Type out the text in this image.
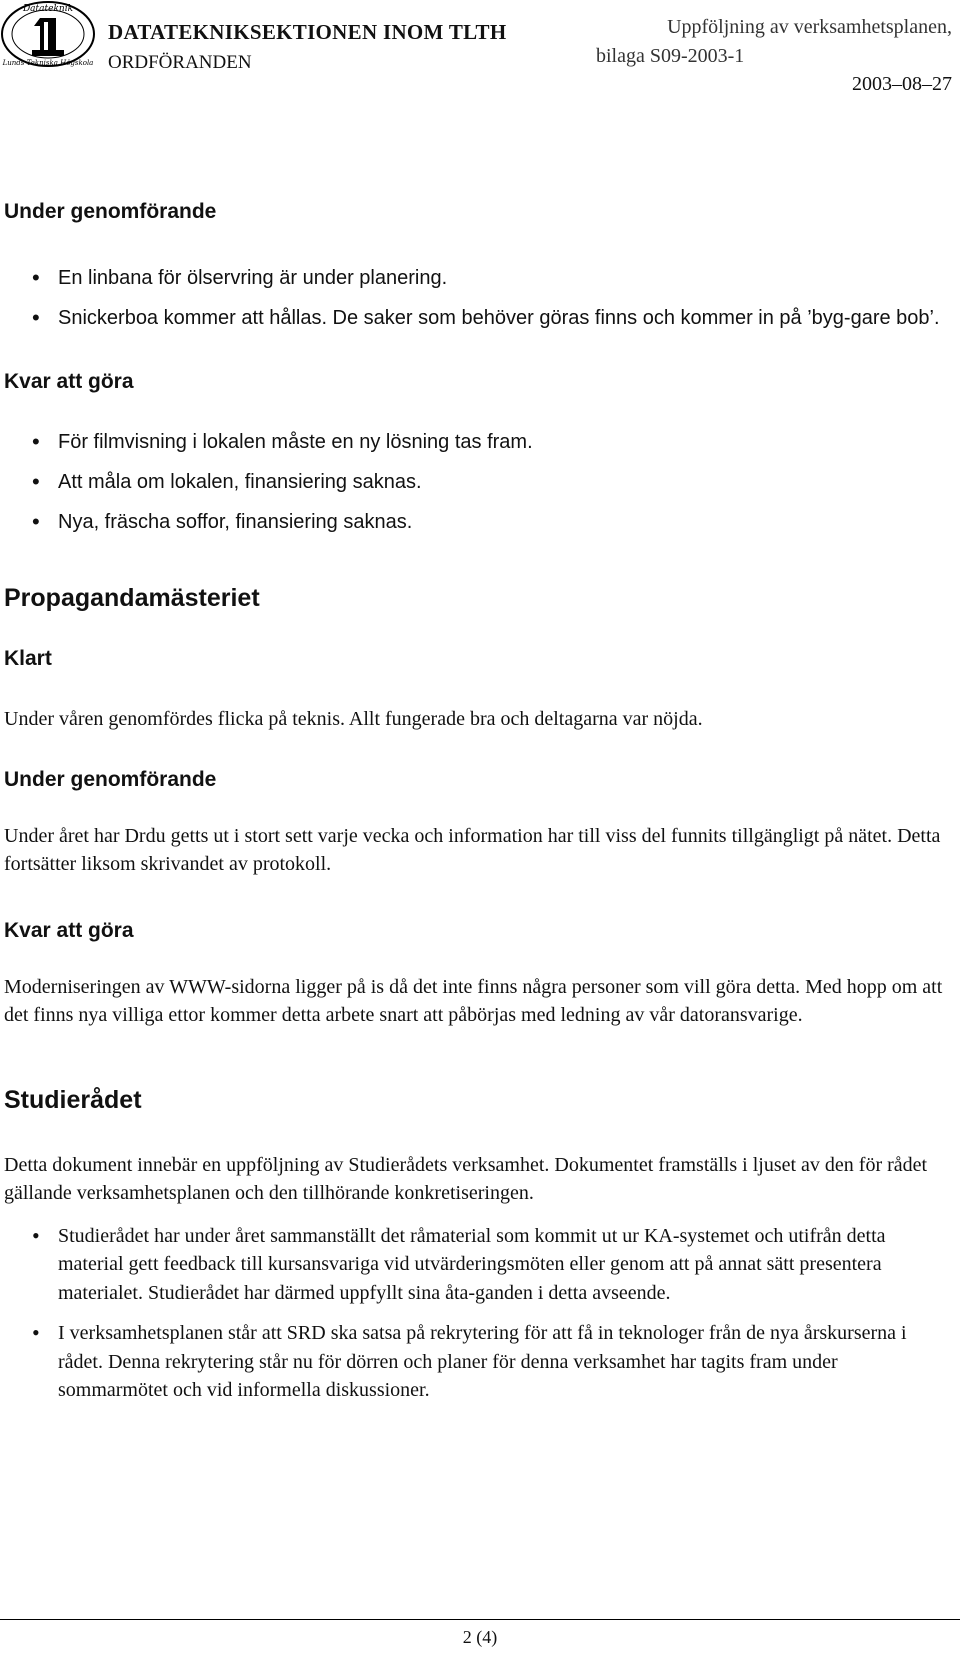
Datateknik
Lunds Tekniska Högskola
DATATEKNIKSEKTIONEN INOM TLTH
ORDFÖRANDEN
Uppföljning av verksamhetsplanen,
bilaga S09-2003-1
2003–08–27
Under genomförande
• En linbana för ölservring är under planering.
• Snickerboa kommer att hållas. De saker som behöver göras finns och kommer in på ’byg-gare bob’.
Kvar att göra
• För filmvisning i lokalen måste en ny lösning tas fram.
• Att måla om lokalen, finansiering saknas.
• Nya, fräscha soffor, finansiering saknas.
Propagandamästeriet
Klart

Under våren genomfördes flicka på teknis. Allt fungerade bra och deltagarna var nöjda.

Under genomförande

Under året har Drdu getts ut i stort sett varje vecka och information har till viss del funnits tillgängligt på nätet. Detta fortsätter liksom skrivandet av protokoll.

Kvar att göra

Moderniseringen av WWW-sidorna ligger på is då det inte finns några personer som vill göra detta. Med hopp om att det finns nya villiga ettor kommer detta arbete snart att påbörjas med ledning av vår datoransvarige.

Studierådet

Detta dokument innebär en uppföljning av Studierådets verksamhet. Dokumentet framställs i ljuset av den för rådet gällande verksamhetsplanen och den tillhörande konkretiseringen.

• Studierådet har under året sammanställt det råmaterial som kommit ut ur KA-systemet och utifrån detta material gett feedback till kursansvariga vid utvärderingsmöten eller genom att på annat sätt presentera materialet. Studierådet har därmed uppfyllt sina åta-ganden i detta avseende.
• I verksamhetsplanen står att SRD ska satsa på rekrytering för att få in teknologer från de nya årskurserna i rådet. Denna rekrytering står nu för dörren och planer för denna verksamhet har tagits fram under sommarmötet och vid informella diskussioner.
2 (4)
